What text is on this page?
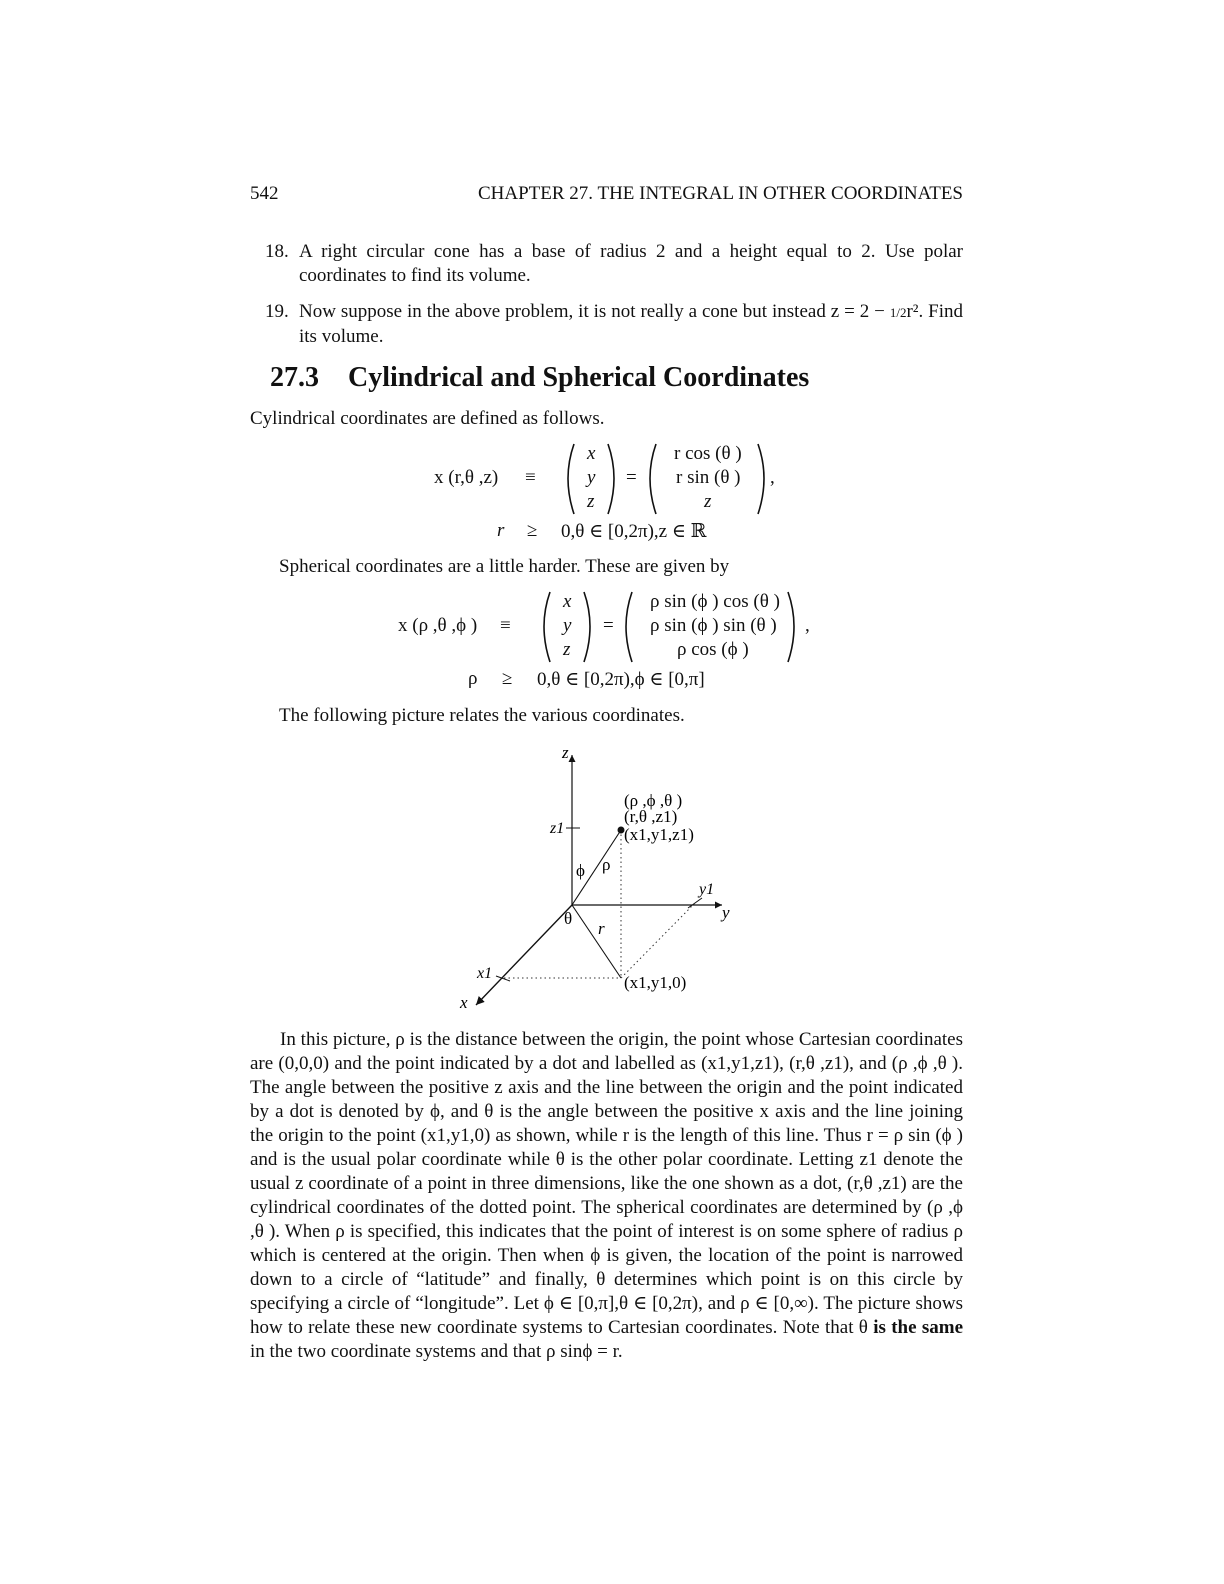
542	CHAPTER 27. THE INTEGRAL IN OTHER COORDINATES
18. A right circular cone has a base of radius 2 and a height equal to 2. Use polar coordinates to find its volume.
19. Now suppose in the above problem, it is not really a cone but instead z = 2 − 1/2r². Find its volume.
27.3 Cylindrical and Spherical Coordinates
Cylindrical coordinates are defined as follows.
x (r,θ ,z) ≡
x
y
z
=
r cos (θ )
r sin (θ )
z
,
r ≥ 0,θ ∈ [0,2π),z ∈ ℝ
Spherical coordinates are a little harder. These are given by
x (ρ ,θ ,ϕ ) ≡
x
y
z
=
ρ sin (ϕ ) cos (θ )
ρ sin (ϕ ) sin (θ )
ρ cos (ϕ )
,
ρ ≥ 0,θ ∈ [0,2π),ϕ ∈ [0,π]
The following picture relates the various coordinates.
z
y
x
z1
x1
y1
(ρ ,ϕ ,θ )
(r,θ ,z1)
(x1,y1,z1)
(x1,y1,0)
ϕ ρ
θ
r
In this picture, ρ is the distance between the origin, the point whose Cartesian coordinates are (0,0,0) and the point indicated by a dot and labelled as (x1,y1,z1), (r,θ ,z1), and (ρ ,ϕ ,θ ). The angle between the positive z axis and the line between the origin and the point indicated by a dot is denoted by ϕ, and θ is the angle between the positive x axis and the line joining the origin to the point (x1,y1,0) as shown, while r is the length of this line. Thus r = ρ sin (ϕ ) and is the usual polar coordinate while θ is the other polar coordinate. Letting z1 denote the usual z coordinate of a point in three dimensions, like the one shown as a dot, (r,θ ,z1) are the cylindrical coordinates of the dotted point. The spherical coordinates are determined by (ρ ,ϕ ,θ ). When ρ is specified, this indicates that the point of interest is on some sphere of radius ρ which is centered at the origin. Then when ϕ is given, the location of the point is narrowed down to a circle of “latitude” and finally, θ determines which point is on this circle by specifying a circle of “longitude”. Let ϕ ∈ [0,π],θ ∈ [0,2π), and ρ ∈ [0,∞). The picture shows how to relate these new coordinate systems to Cartesian coordinates. Note that θ is the same in the two coordinate systems and that ρ sinϕ = r.
